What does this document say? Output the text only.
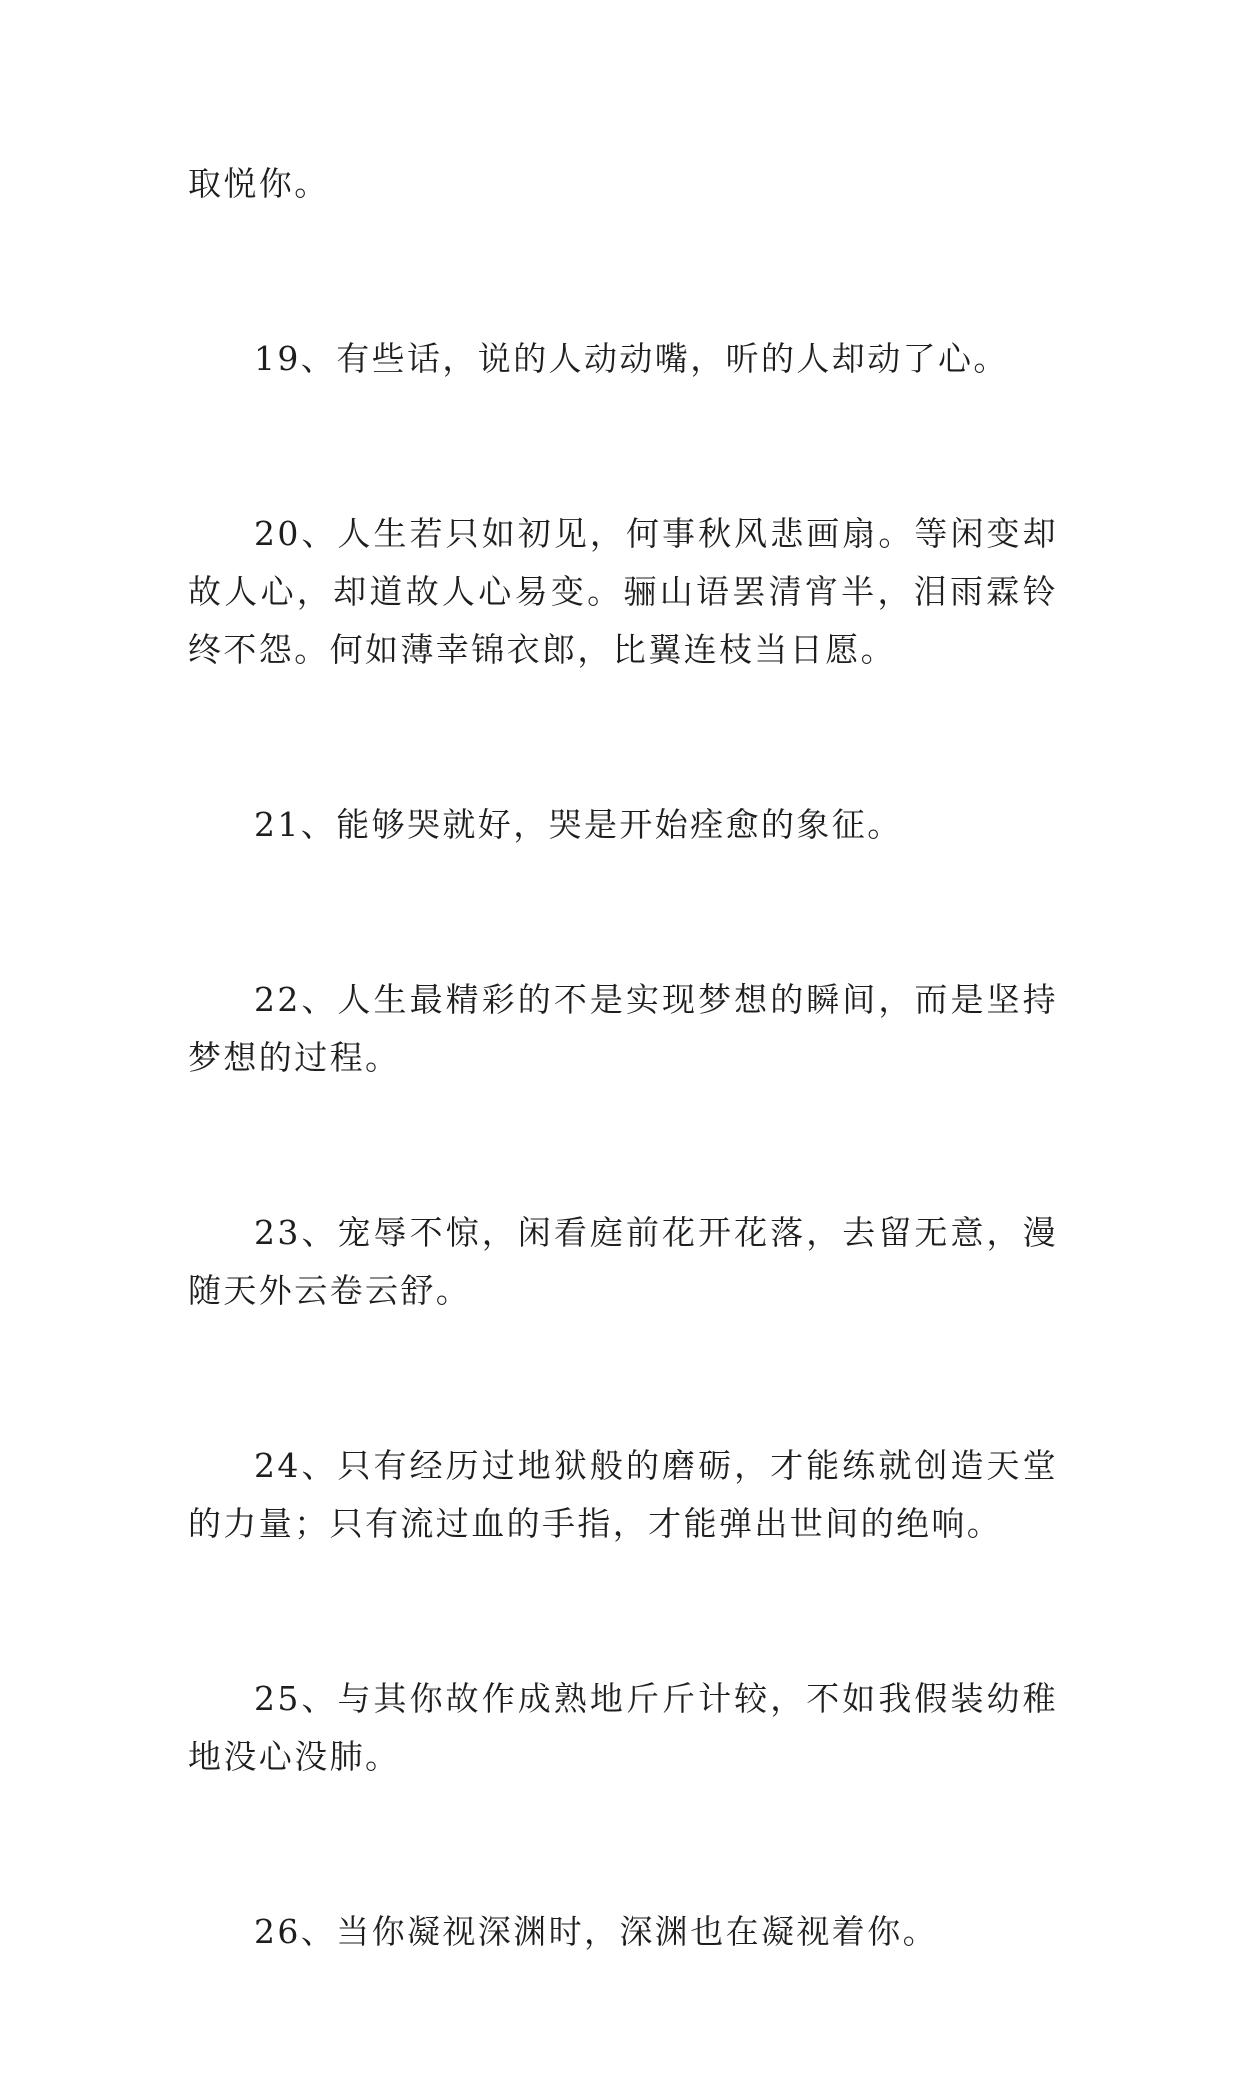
取悦你。

19、有些话，说的人动动嘴，听的人却动了心。

20、人生若只如初见，何事秋风悲画扇。等闲变却故人心，却道故人心易变。骊山语罢清宵半，泪雨霖铃终不怨。何如薄幸锦衣郎，比翼连枝当日愿。

21、能够哭就好，哭是开始痊愈的象征。

22、人生最精彩的不是实现梦想的瞬间，而是坚持梦想的过程。

23、宠辱不惊，闲看庭前花开花落，去留无意，漫随天外云卷云舒。

24、只有经历过地狱般的磨砺，才能练就创造天堂的力量；只有流过血的手指，才能弹出世间的绝响。

25、与其你故作成熟地斤斤计较，不如我假装幼稚地没心没肺。

26、当你凝视深渊时，深渊也在凝视着你。
